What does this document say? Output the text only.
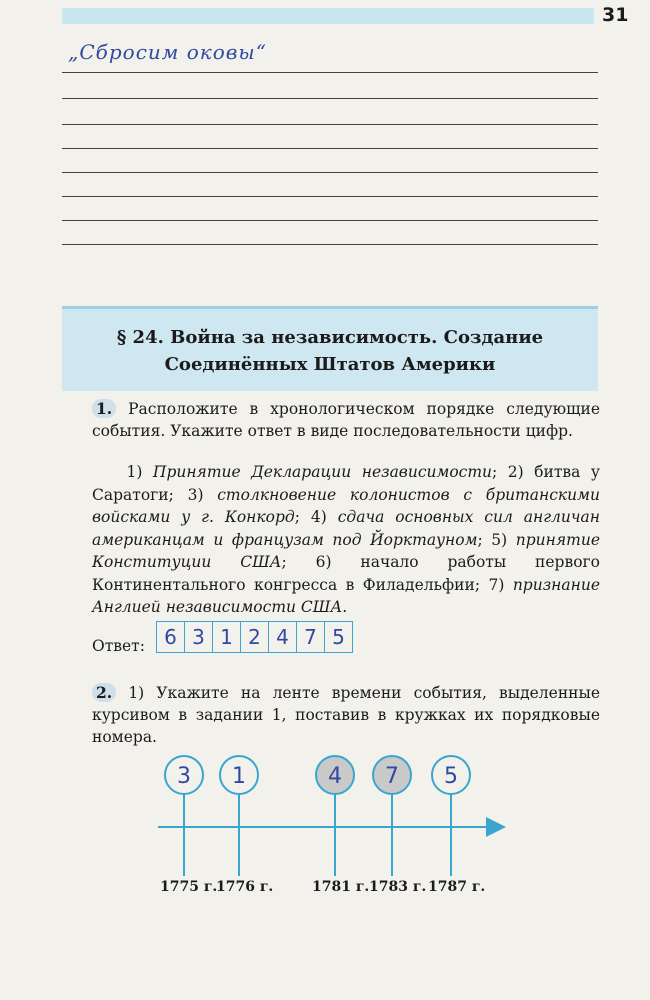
31
„Сбросим оковы“
§ 24. Война за независимость. Создание Соединённых Штатов Америки
1. Расположите в хронологическом порядке следующие события. Укажите ответ в виде последовательности цифр.
1) Принятие Декларации независимости; 2) битва у Саратоги; 3) столкновение колонистов с британскими войсками у г. Конкорд; 4) сдача основных сил англичан американцам и французам под Йорктауном; 5) принятие Конституции США; 6) начало работы первого Континентального конгресса в Филадельфии; 7) признание Англией независимости США.
Ответ: 6 3 1 2 4 7 5
2. 1) Укажите на ленте времени события, выделенные курсивом в задании 1, поставив в кружках их порядковые номера.
3 1	4 7 5
1775 г.
1776 г.	1781 г. 1783 г. 1787 г.
